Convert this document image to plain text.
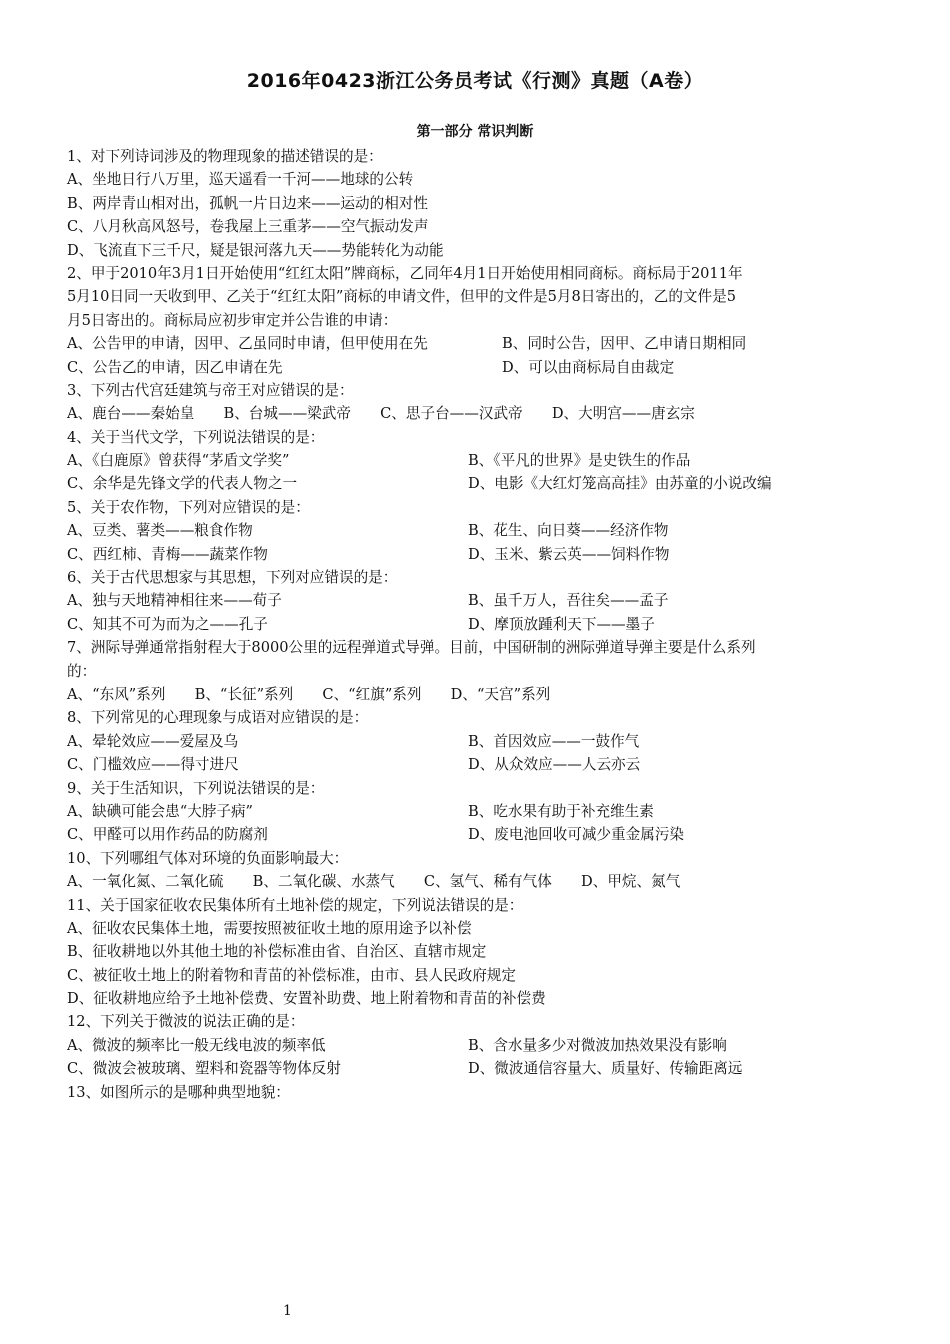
2016年0423浙江公务员考试《行测》真题（A卷）
第一部分 常识判断
1、对下列诗词涉及的物理现象的描述错误的是：
A、坐地日行八万里，巡天遥看一千河——地球的公转
B、两岸青山相对出，孤帆一片日边来——运动的相对性
C、八月秋高风怒号，卷我屋上三重茅——空气振动发声
D、飞流直下三千尺，疑是银河落九天——势能转化为动能
2、甲于2010年3月1日开始使用“红红太阳”牌商标，乙同年4月1日开始使用相同商标。商标局于2011年
5月10日同一天收到甲、乙关于“红红太阳”商标的申请文件，但甲的文件是5月8日寄出的，乙的文件是5
月5日寄出的。商标局应初步审定并公告谁的申请：
A、公告甲的申请，因甲、乙虽同时申请，但甲使用在先	B、同时公告，因甲、乙申请日期相同
C、公告乙的申请，因乙申请在先	D、可以由商标局自由裁定
3、下列古代宫廷建筑与帝王对应错误的是：
A、鹿台——秦始皇　　B、台城——梁武帝　　C、思子台——汉武帝　　D、大明宫——唐玄宗
4、关于当代文学，下列说法错误的是：
A、《白鹿原》曾获得“茅盾文学奖”	B、《平凡的世界》是史铁生的作品
C、余华是先锋文学的代表人物之一	D、电影《大红灯笼高高挂》由苏童的小说改编
5、关于农作物，下列对应错误的是：
A、豆类、薯类——粮食作物	B、花生、向日葵——经济作物
C、西红柿、青梅——蔬菜作物	D、玉米、紫云英——饲料作物
6、关于古代思想家与其思想，下列对应错误的是：
A、独与天地精神相往来——荀子	B、虽千万人，吾往矣——孟子
C、知其不可为而为之——孔子	D、摩顶放踵利天下——墨子
7、洲际导弹通常指射程大于8000公里的远程弹道式导弹。目前，中国研制的洲际弹道导弹主要是什么系列
的：
A、“东风”系列　　B、“长征”系列　　C、“红旗”系列　　D、“天宫”系列
8、下列常见的心理现象与成语对应错误的是：
A、晕轮效应——爱屋及乌	B、首因效应——一鼓作气
C、门槛效应——得寸进尺	D、从众效应——人云亦云
9、关于生活知识，下列说法错误的是：
A、缺碘可能会患“大脖子病”	B、吃水果有助于补充维生素
C、甲醛可以用作药品的防腐剂	D、废电池回收可减少重金属污染
10、下列哪组气体对环境的负面影响最大：
A、一氧化氮、二氧化硫　　B、二氧化碳、水蒸气　　C、氢气、稀有气体　　D、甲烷、氮气
11、关于国家征收农民集体所有土地补偿的规定，下列说法错误的是：
A、征收农民集体土地，需要按照被征收土地的原用途予以补偿
B、征收耕地以外其他土地的补偿标准由省、自治区、直辖市规定
C、被征收土地上的附着物和青苗的补偿标准，由市、县人民政府规定
D、征收耕地应给予土地补偿费、安置补助费、地上附着物和青苗的补偿费
12、下列关于微波的说法正确的是：
A、微波的频率比一般无线电波的频率低	B、含水量多少对微波加热效果没有影响
C、微波会被玻璃、塑料和瓷器等物体反射	D、微波通信容量大、质量好、传输距离远
13、如图所示的是哪种典型地貌：
1
